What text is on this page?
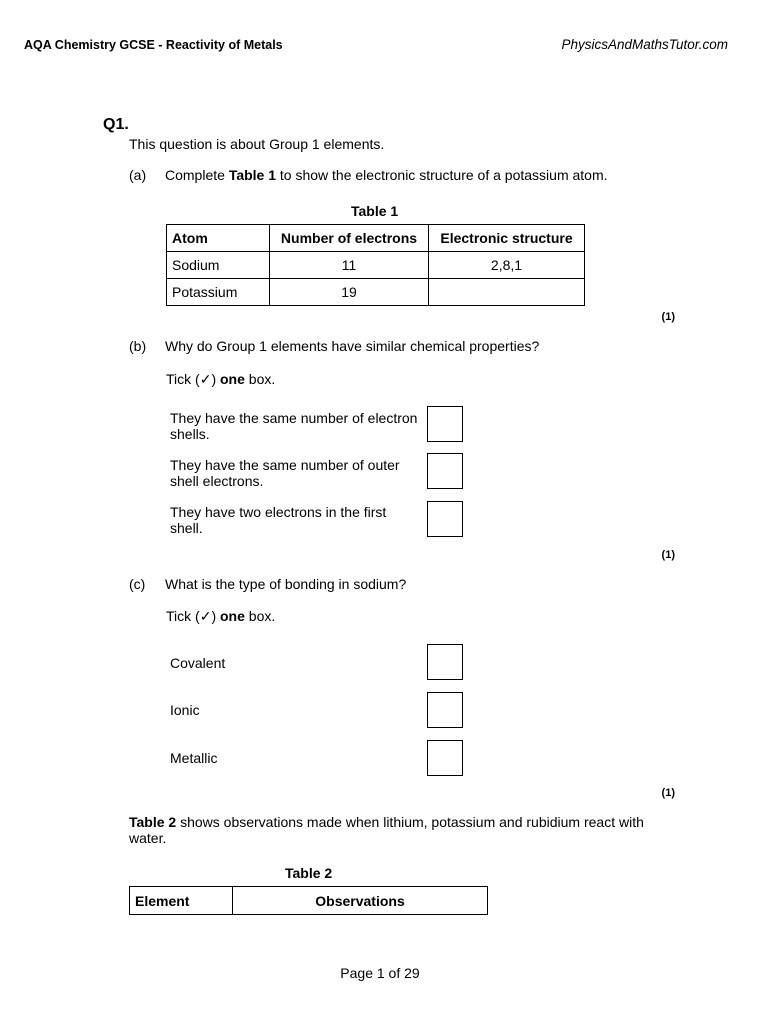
AQA Chemistry GCSE - Reactivity of Metals	PhysicsAndMathsTutor.com
Q1.
This question is about Group 1 elements.
(a)	Complete Table 1 to show the electronic structure of a potassium atom.
Table 1
Atom	Number of electrons	Electronic structure
Sodium	11	2,8,1
Potassium	19	
(1)
(b)	Why do Group 1 elements have similar chemical properties?
Tick (✓) one box.
They have the same number of electron shells.
They have the same number of outer shell electrons.
They have two electrons in the first shell.
(1)
(c)	What is the type of bonding in sodium?
Tick (✓) one box.
Covalent
Ionic
Metallic
(1)
Table 2 shows observations made when lithium, potassium and rubidium react with water.
Table 2
Element	Observations
Page 1 of 29
